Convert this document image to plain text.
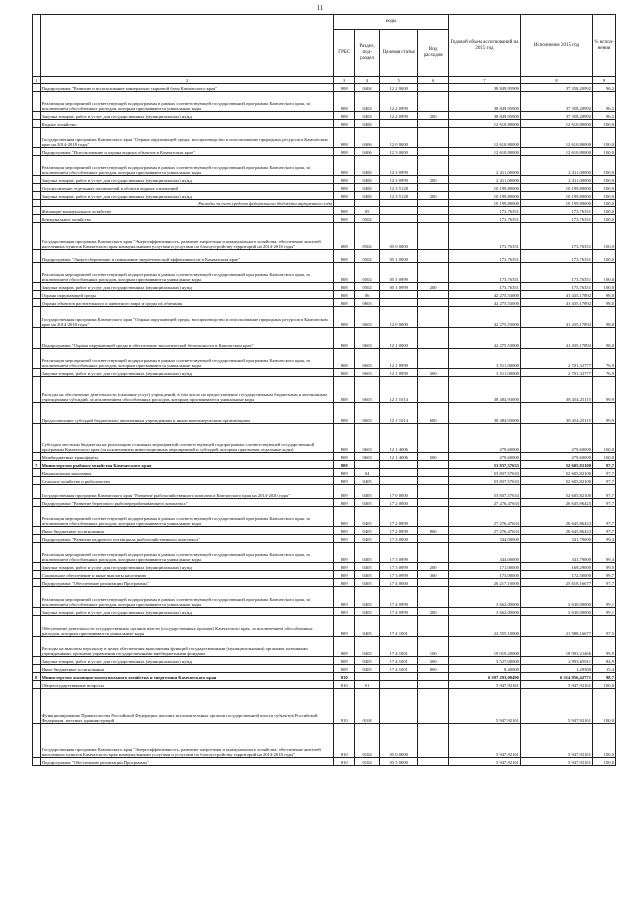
11
		коды				Годовой объем ассигнований на 2015 год	Исполнение 2015 год	% испол-нения
		ГРБС	Раздел, под-раздел	Целевая статья	Вид расходов			
1	2	3	4	5	6	7	8	9
	Подпрограмма "Развитие и использование минерально-сырьевой базы Камчатского края"	808	0404	12 2 0000		38 849,95900	37 358,20992	96,2
	Реализация мероприятий соответствующей подпрограммы в рамках соответствующей государственной программы Камчатского края, за исключением обособленных расходов, которым присваиваются уникальные коды	808	0404	12 2 0999		38 849,95900	37 358,20992	96,2
	Закупка товаров, работ и услуг для государственных (муниципальных) нужд	808	0404	12 2 0999	200	38 849,95900	37 358,20992	96,2
	Водное хозяйство	808	0406			12 610,80000	12 610,80000	100,0
	Государственная программа Камчатского края "Охрана окружающей среды, воспроизводство и использование природных ресурсов в Камчатском крае на 2014-2018 годы"	808	0406	12 0 0000		12 610,80000	12 610,80000	100,0
	Подпрограмма "Использование и охрана водных объектов в Камчатском крае"	808	0406	12 3 0000		12 610,80000	12 610,80000	100,0
	Реализация мероприятий соответствующей подпрограммы в рамках соответствующей государственной программы Камчатского края, за исключением обособленных расходов, которым присваиваются уникальные коды	808	0406	12 3 0999		2 411,00000	2 411,00000	100,0
	Закупка товаров, работ и услуг для государственных (муниципальных) нужд	808	0406	12 3 0999	200	2 411,00000	2 411,00000	100,0
	Осуществление отдельных полномочий в области водных отношений	808	0406	12 3 5128		10 199,80000	10 199,80000	100,0
	Закупка товаров, работ и услуг для государственных (муниципальных) нужд	808	0406	12 3 5128	200	10 199,80000	10 199,80000	100,0
	Расходы за счет средств федерального бюджета внутреннего года					10 199,80000	10 199,80000	100,0
	Жилищно-коммунальное хозяйство	808	05			173,76351	173,76351	100,0
	Коммунальное хозяйство	808	0502			173,76351	173,76351	100,0
	Государственная программа Камчатского края "Энергоэффективность, развитие энергетики и коммунального хозяйства, обеспечение жителей населенных пунктов Камчатского края коммунальными услугами и услугами по благоустройству территорий на 2014-2018 годы"	808	0502	05 0 0000		173,76351	173,76351	100,0
	Подпрограмма "Энергосбережение и повышение энергетической эффективности в Камчатском крае"	808	0502	05 1 0000		173,76351	173,76351	100,0
	Реализация мероприятий соответствующей подпрограммы в рамках соответствующей государственной программы Камчатского края, за исключением обособленных расходов, которым присваиваются уникальные коды	808	0502	05 1 0999		173,76351	173,76351	100,0
	Закупка товаров, работ и услуг для государственных (муниципальных) нужд	808	0502	05 1 0999	200	173,76351	173,76351	100,0
	Охрана окружающей среды	808	06			42 275,53000	41 435,17892	98,0
	Охрана объектов растительного и животного мира и среды их обитания	808	0603			42 275,53000	41 435,17892	98,0
	Государственная программа Камчатского края "Охрана окружающей среды, воспроизводство и использование природных ресурсов в Камчатском крае на 2014-2018 годы"	808	0603	12 0 0000		42 275,53000	41 435,17892	98,0
	Подпрограмма "Охрана окружающей среды и обеспечение экологической безопасности в Камчатском крае"	808	0603	12 1 0000		42 275,53000	41 435,17892	98,0
	Реализация мероприятий соответствующей подпрограммы в рамках соответствующей государственной программы Камчатского края, за исключением обособленных расходов, которым присваиваются уникальные коды	808	0603	12 1 0999		3 511,00000	2 701,32777	76,9
	Закупка товаров, работ и услуг для государственных (муниципальных) нужд	808	0603	12 1 0999	200	3 511,00000	2 701,32777	76,9
	Расходы на обеспечение деятельности (оказание услуг) учреждений, в том числе на предоставление государственным бюджетным и автономным учреждениям субсидий, за исключением обособленных расходов, которым присваиваются уникальные коды	808	0603	12 1 1014		38 484,93000	38 454,25115	99,9
	Предоставление субсидий бюджетным, автономным учреждениям и иным некоммерческим организациям	808	0603	12 1 1014	600	38 484,93000	38 454,25115	99,9
	Субсидии местным бюджетам на реализацию основных мероприятий соответствующей подпрограммы соответствующей государственной программы Камчатского края (за исключением инвестиционных мероприятий и субсидий, которым присвоены отдельные коды)	808	0603	12 1 4006		279,60000	279,60000	100,0
	Межбюджетные трансферты	808	0603	12 1 4006	500	279,60000	279,60000	100,0
7	Министерство рыбного хозяйства Камчатского края	809				53 837,57633	52 605,82100	97,7
	Национальная экономика	809	04			53 837,57633	52 605,82100	97,7
	Сельское хозяйство и рыболовство	809	0405			53 837,57633	52 605,82100	97,7
	Государственная программа Камчатского края "Развитие рыбохозяйственного комплекса Камчатского края на 2014-2020 годы"	809	0405	17 0 0000		53 837,57633	52 605,82100	97,7
	Подпрограмма "Развитие берегового рыбоперерабатывающего комплекса"	809	0405	17 2 0000		27 276,47633	26 645,86423	97,7
	Реализация мероприятий соответствующей подпрограммы в рамках соответствующей государственной программы Камчатского края, за исключением обособленных расходов, которым присваиваются уникальные коды	809	0405	17 2 0999		27 276,47633	26 645,86423	97,7
	Иные бюджетные ассигнования	809	0405	17 2 0999	800	27 276,47633	26 645,86423	97,7
	Подпрограмма "Развитие кадрового потенциала рыбохозяйственного комплекса"	809	0405	17 3 0000		344,00000	341,79000	99,4
	Реализация мероприятий соответствующей подпрограммы в рамках соответствующей государственной программы Камчатского края, за исключением обособленных расходов, которым присваиваются уникальные коды	809	0405	17 3 0999		344,00000	341,79000	99,4
	Закупка товаров, работ и услуг для государственных (муниципальных) нужд	809	0405	17 3 0999	200	171,00000	169,29000	99,0
	Социальное обеспечение и иные выплаты населению	809	0405	17 3 0999	300	173,00000	172,50000	99,7
	Подпрограмма "Обеспечение реализации Программы"	809	0405	17 4 0000		26 217,10000	25 618,16677	97,7
	Реализация мероприятий соответствующей подпрограммы в рамках соответствующей государственной программы Камчатского края, за исключением обособленных расходов, которым присваиваются уникальные коды	809	0405	17 4 0999		3 662,00000	3 630,00000	99,1
	Закупка товаров, работ и услуг для государственных (муниципальных) нужд	809	0405	17 4 0999	200	3 662,00000	3 630,00000	99,1
	Обеспечение деятельности государственных органов власти (государственных органов) Камчатского края, за исключением обособленных расходов, которым присваиваются уникальные коды	809	0405	17 4 1001		22 555,10000	21 988,16677	97,5
	Расходы на выплаты персоналу в целях обеспечения выполнения функций государственными (муниципальными) органами, казенными учреждениями, органами управления государственными внебюджетными фондами	809	0405	17 4 1001	100	19 019,20000	18 993,21466	99,9
	Закупка товаров, работ и услуг для государственных (муниципальных) нужд	809	0405	17 4 1001	200	3 527,00000	2 993,65911	84,9
	Иные бюджетные ассигнования	809	0405	17 4 1001	800	8,40000	1,29300	15,4
8	Министерство жилищно-коммунального хозяйства и энергетики Камчатского края	810				6 397 293,00496	6 314 956,42771	98,7
	Общегосударственные вопросы	810	01			5 947,92161	5 947,92161	100,0
	Функционирование Правительства Российской Федерации, высших исполнительных органов государственной власти субъектов Российской Федерации, местных администраций	810	0104			5 947,92161	5 947,92161	100,0
	Государственная программа Камчатского края "Энергоэффективность, развитие энергетики и коммунального хозяйства, обеспечение жителей населенных пунктов Камчатского края коммунальными услугами и услугами по благоустройству территорий на 2014-2018 годы"	810	0104	05 0 0000		5 947,92161	5 947,92161	100,0
	Подпрограмма "Обеспечение реализации Программы"	810	0104	05 5 0000		5 947,92161	5 947,92161	100,0
